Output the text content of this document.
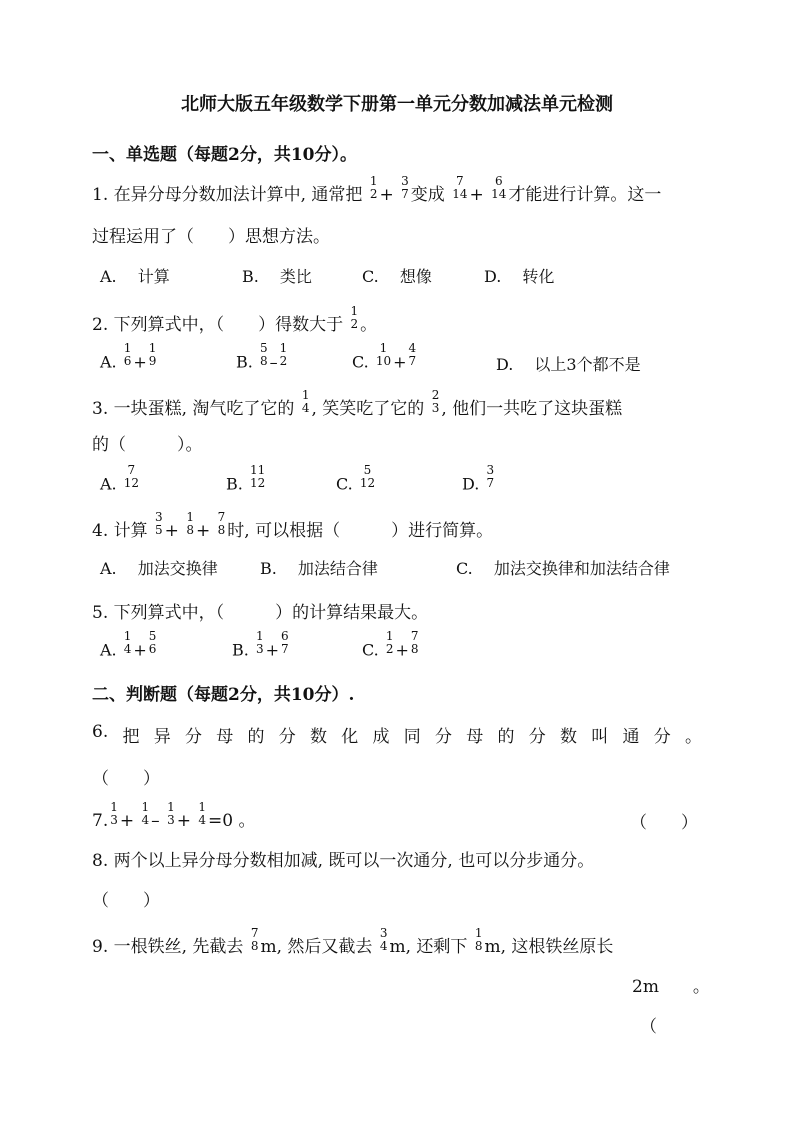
北师大版五年级数学下册第一单元分数加减法单元检测
一、单选题（每题2分，共10分）。
1. 在异分母分数加法计算中, 通常把
1
2 +
3
7 变成
7
14 +
6
14 才能进行计算。这一
过程运用了（　　）思想方法。
A.　 计算	B.　 类比	C.　 想像	D.　 转化
2. 下列算式中，（　　）得数大于
1
2 。
A.
1
6 +
1
9	B.
5
8 –
1
2	C.
1
10 +
4
7	D.　 以上3个都不是
3. 一块蛋糕, 淘气吃了它的
1
4 , 笑笑吃了它的
2
3 , 他们一共吃了这块蛋糕
的（　　　）。
A.
7
12	B.
11
12	C.
5
12	D.
3
7
4. 计算
3
5 +
1
8 +
7
8 时, 可以根据（　　　）进行简算。
A.　 加法交换律	B.　 加法结合律	C.　 加法交换律和加法结合律
5. 下列算式中，（　　　）的计算结果最大。
A.
1
4 +
5
6	B.
1
3 +
6
7	C.
1
2 +
7
8
二、判断题（每题2分，共10分）.
6. 把 异 分 母 的 分 数 化 成 同 分 母 的 分 数 叫 通 分 。
（　　）
7.
1
3 +
1
4 –
1
3 +
1
4 =0 。	（　　）
8. 两个以上异分母分数相加减, 既可以一次通分, 也可以分步通分。
（　　）
9. 一根铁丝, 先截去
7
8 m, 然后又截去
3
4 m, 还剩下
1
8 m, 这根铁丝原长
2m　　。
（
